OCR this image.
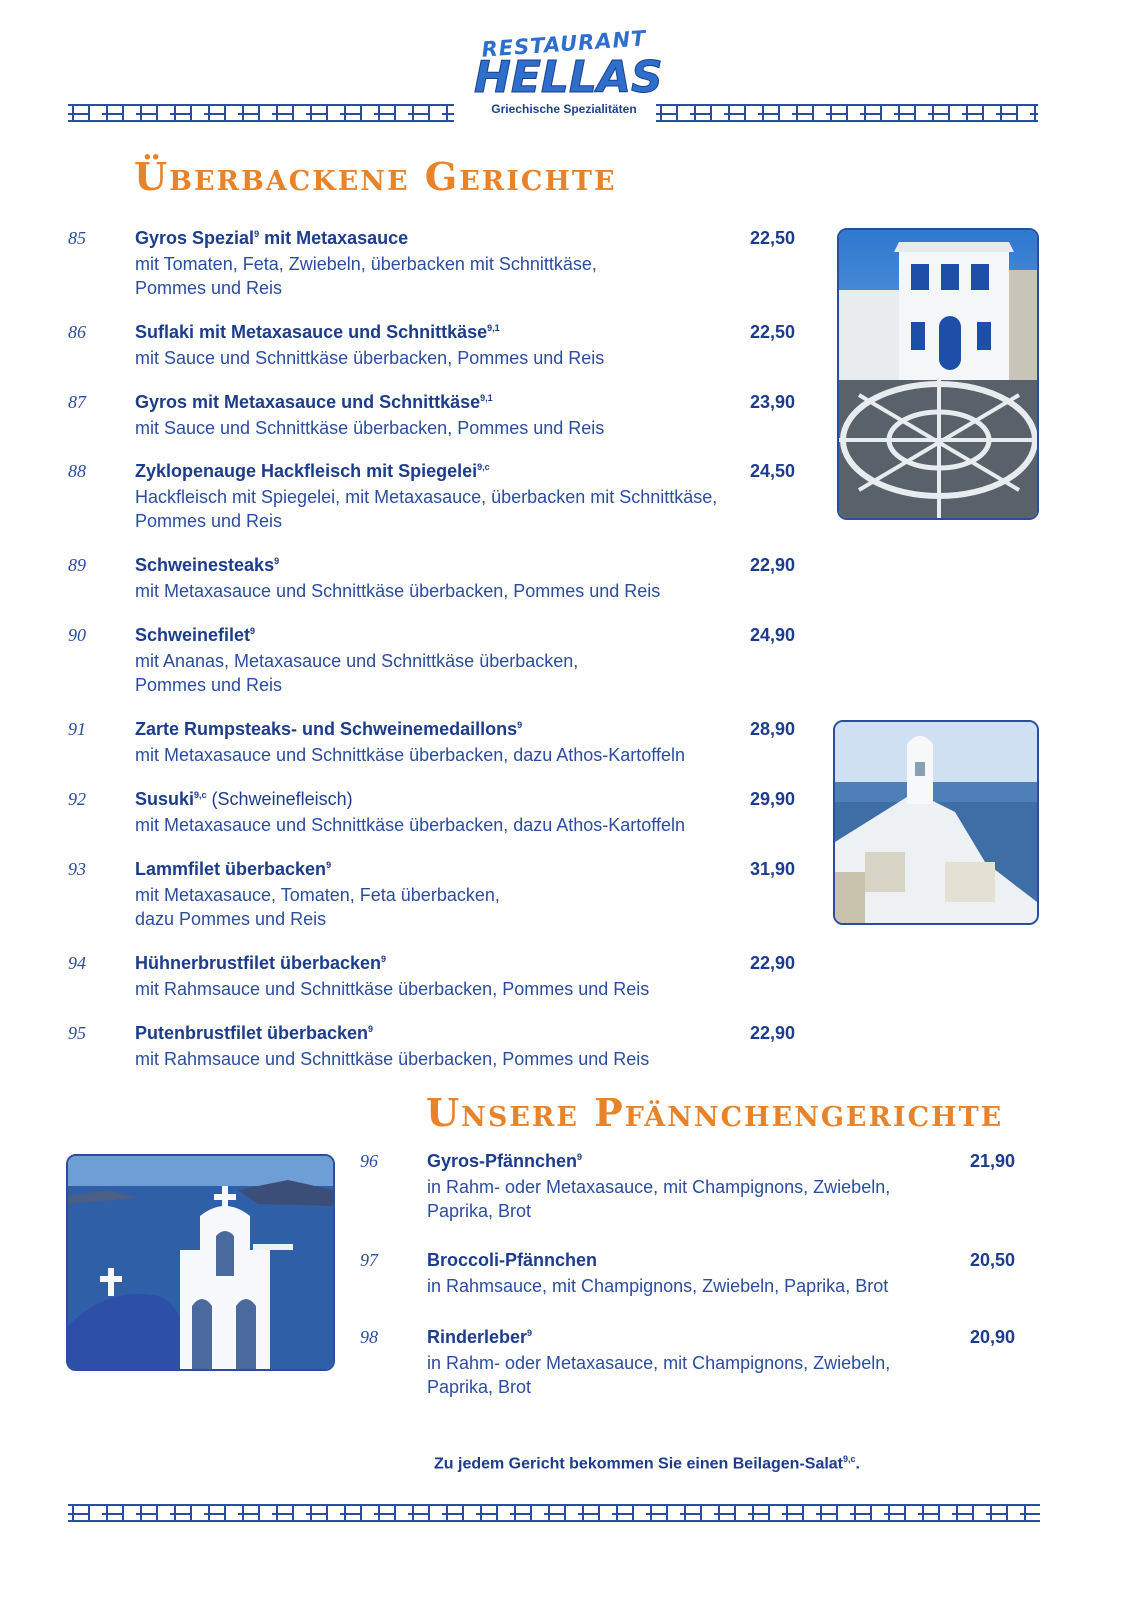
RESTAURANT
HELLAS
Griechische Spezialitäten
Überbackene Gerichte
85	Gyros Spezial$^9$ mit Metaxasauce	22,50
mit Tomaten, Feta, Zwiebeln, überbacken mit Schnittkäse,
Pommes und Reis
86	Suflaki mit Metaxasauce und Schnittkäse$^{9,1}$	22,50
mit Sauce und Schnittkäse überbacken, Pommes und Reis
87	Gyros mit Metaxasauce und Schnittkäse$^{9,1}$	23,90
mit Sauce und Schnittkäse überbacken, Pommes und Reis
88	Zyklopenauge Hackfleisch mit Spiegelei$^{9,c}$	24,50
Hackfleisch mit Spiegelei, mit Metaxasauce, überbacken mit Schnittkäse,
Pommes und Reis
89	Schweinesteaks$^9$	22,90
mit Metaxasauce und Schnittkäse überbacken, Pommes und Reis
90	Schweinefilet$^9$	24,90
mit Ananas, Metaxasauce und Schnittkäse überbacken,
Pommes und Reis
91	Zarte Rumpsteaks- und Schweinemedaillons$^9$	28,90
mit Metaxasauce und Schnittkäse überbacken, dazu Athos-Kartoffeln
92	Susuki$^{9,c}$ (Schweinefleisch)	29,90
mit Metaxasauce und Schnittkäse überbacken, dazu Athos-Kartoffeln
93	Lammfilet überbacken$^9$	31,90
mit Metaxasauce, Tomaten, Feta überbacken,
dazu Pommes und Reis
94	Hühnerbrustfilet überbacken$^9$	22,90
mit Rahmsauce und Schnittkäse überbacken, Pommes und Reis
95	Putenbrustfilet überbacken$^9$	22,90
mit Rahmsauce und Schnittkäse überbacken, Pommes und Reis
Unsere Pfännchengerichte
96	Gyros-Pfännchen$^9$	21,90
in Rahm- oder Metaxasauce, mit Champignons, Zwiebeln,
Paprika, Brot
97	Broccoli-Pfännchen	20,50
in Rahmsauce, mit Champignons, Zwiebeln, Paprika, Brot
98	Rinderleber$^9$	20,90
in Rahm- oder Metaxasauce, mit Champignons, Zwiebeln,
Paprika, Brot
Zu jedem Gericht bekommen Sie einen Beilagen-Salat$^{9,c}$.
